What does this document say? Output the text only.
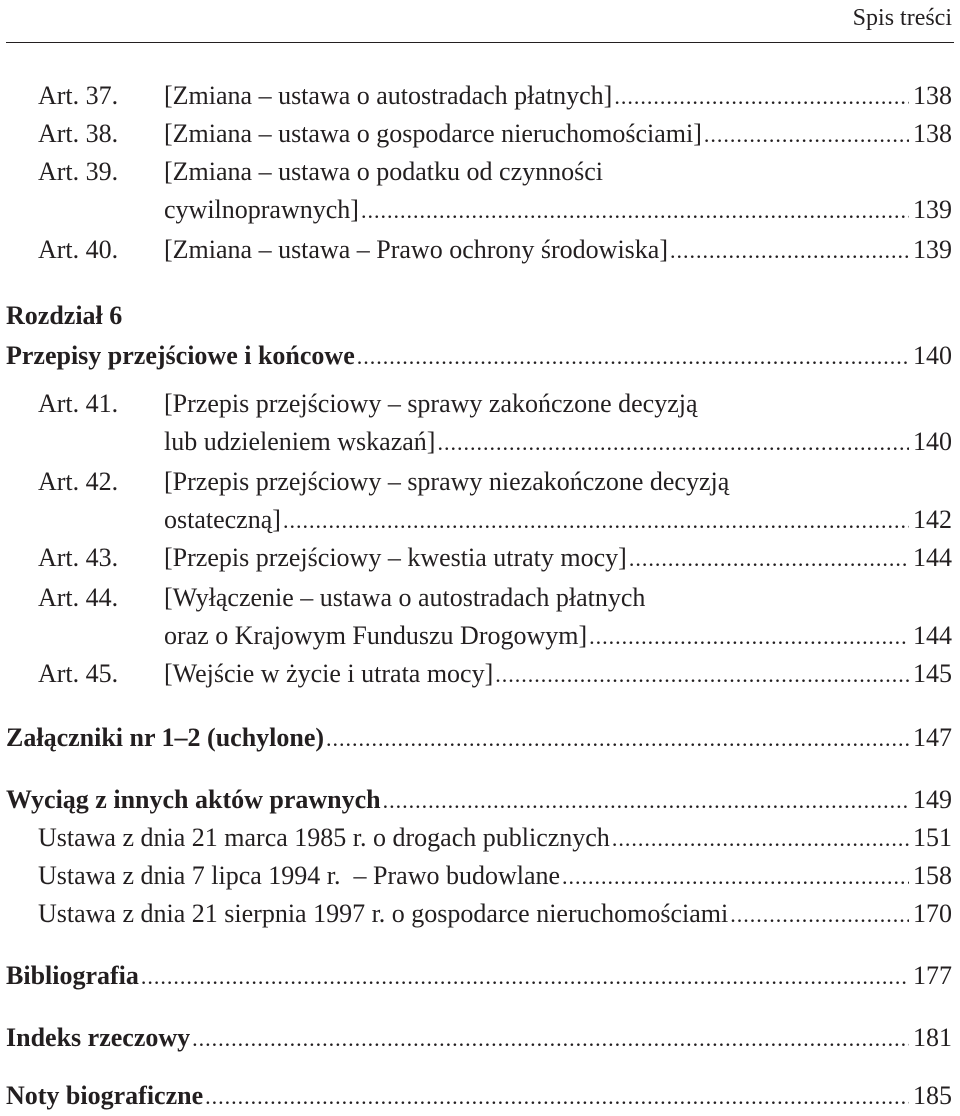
Spis treści
Art. 37. [Zmiana – ustawa o autostradach płatnych] .....	138
Art. 38. [Zmiana – ustawa o gospodarce nieruchomościami] .....	138
Art. 39. [Zmiana – ustawa o podatku od czynności
cywilnoprawnych] .....	139
Art. 40. [Zmiana – ustawa – Prawo ochrony środowiska] .....	139
Rozdział 6
Przepisy przejściowe i końcowe .....	140
Art. 41. [Przepis przejściowy – sprawy zakończone decyzją
lub udzieleniem wskazań] .....	140
Art. 42. [Przepis przejściowy – sprawy niezakończone decyzją
ostateczną] .....	142
Art. 43. [Przepis przejściowy – kwestia utraty mocy] .....	144
Art. 44. [Wyłączenie – ustawa o autostradach płatnych
oraz o Krajowym Funduszu Drogowym] .....	144
Art. 45. [Wejście w życie i utrata mocy] .....	145
Załączniki nr 1–2 (uchylone) .....	147
Wyciąg z innych aktów prawnych .....	149
Ustawa z dnia 21 marca 1985 r. o drogach publicznych .....	151
Ustawa z dnia 7 lipca 1994 r.  – Prawo budowlane .....	158
Ustawa z dnia 21 sierpnia 1997 r. o gospodarce nieruchomościami .....	170
Bibliografia .....	177
Indeks rzeczowy .....	181
Noty biograficzne .....	185
